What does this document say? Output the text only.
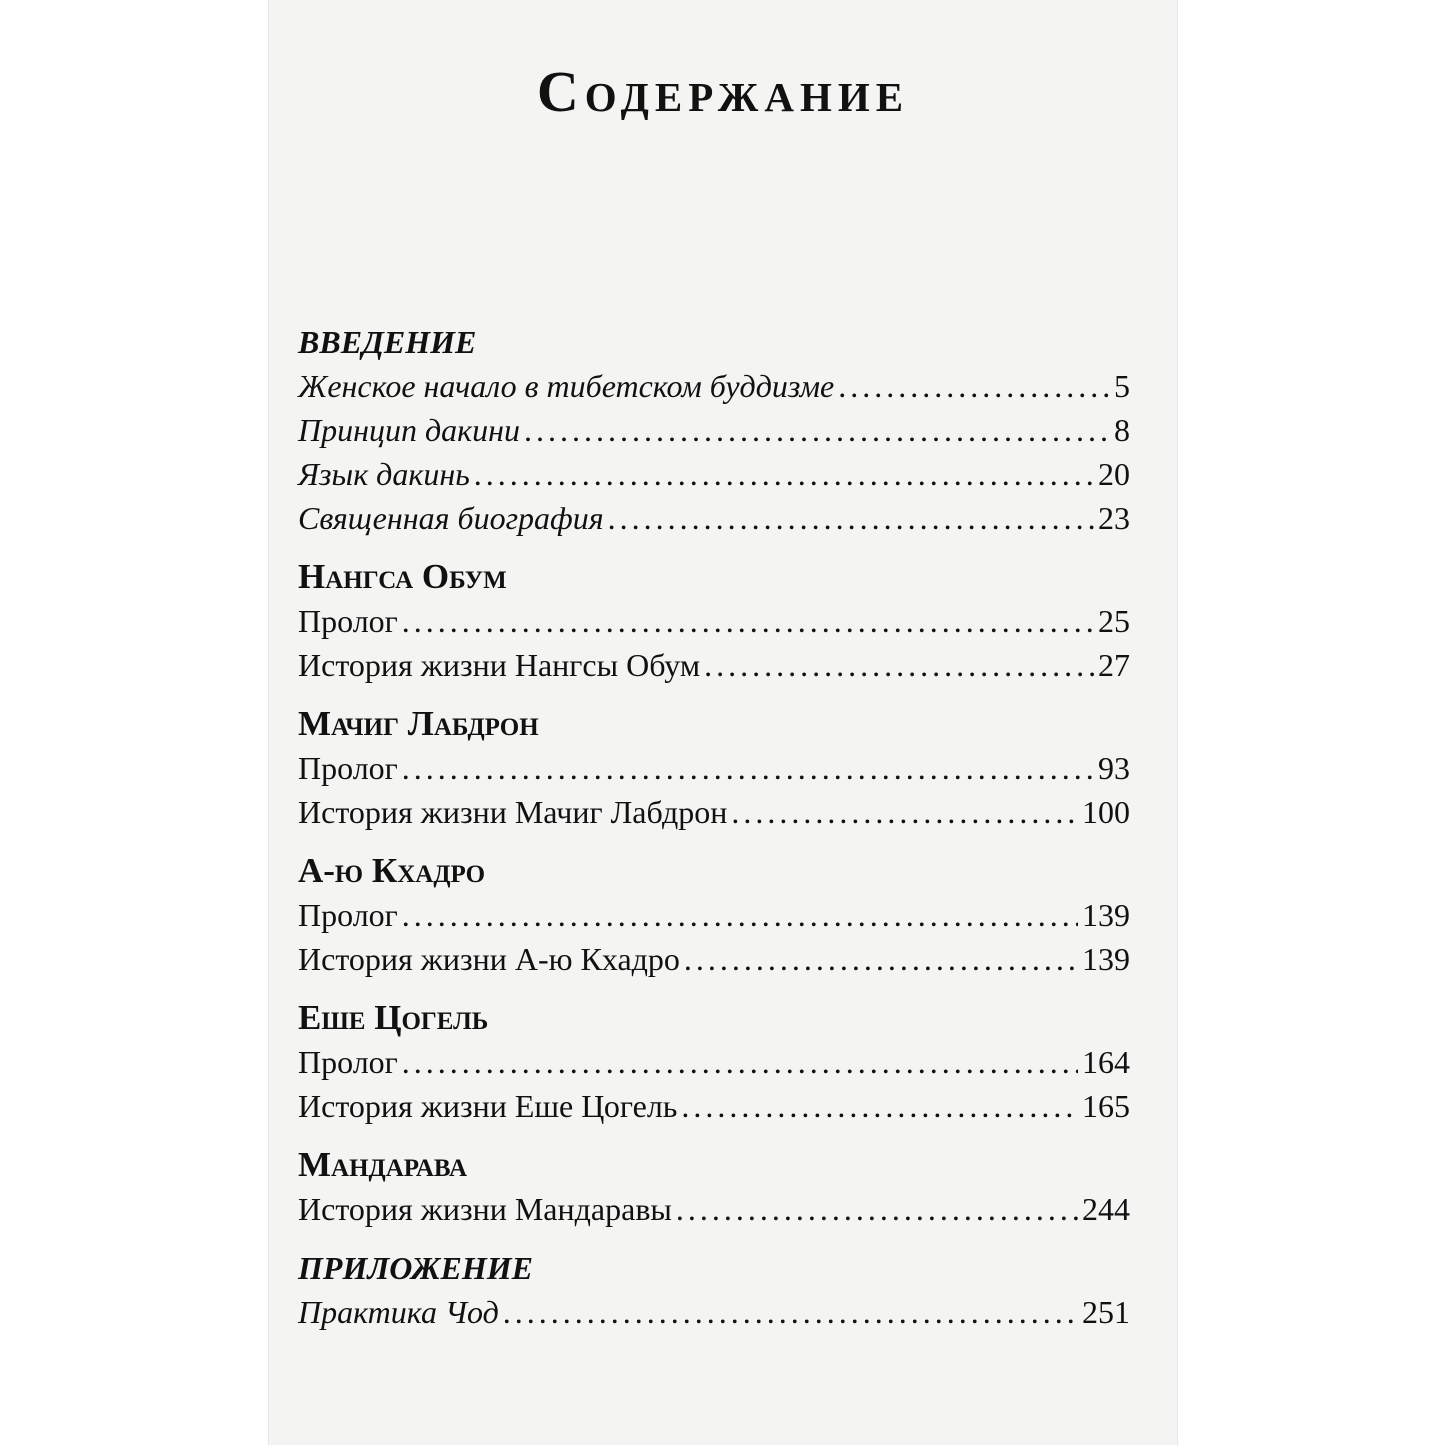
Содержание
ВВЕДЕНИЕ
Женское начало в тибетском буддизме .....	5
Принцип дакини .....	8
Язык дакинь .....	20
Священная биография .....	23
Нангса Обум
Пролог .....	25
История жизни Нангсы Обум .....	27
Мачиг Лабдрон
Пролог .....	93
История жизни Мачиг Лабдрон .....	100
А-ю Кхадро
Пролог .....	139
История жизни А-ю Кхадро .....	139
Еше Цогель
Пролог .....	164
История жизни Еше Цогель .....	165
Мандарава
История жизни Мандаравы .....	244
ПРИЛОЖЕНИЕ
Практика Чод .....	251
